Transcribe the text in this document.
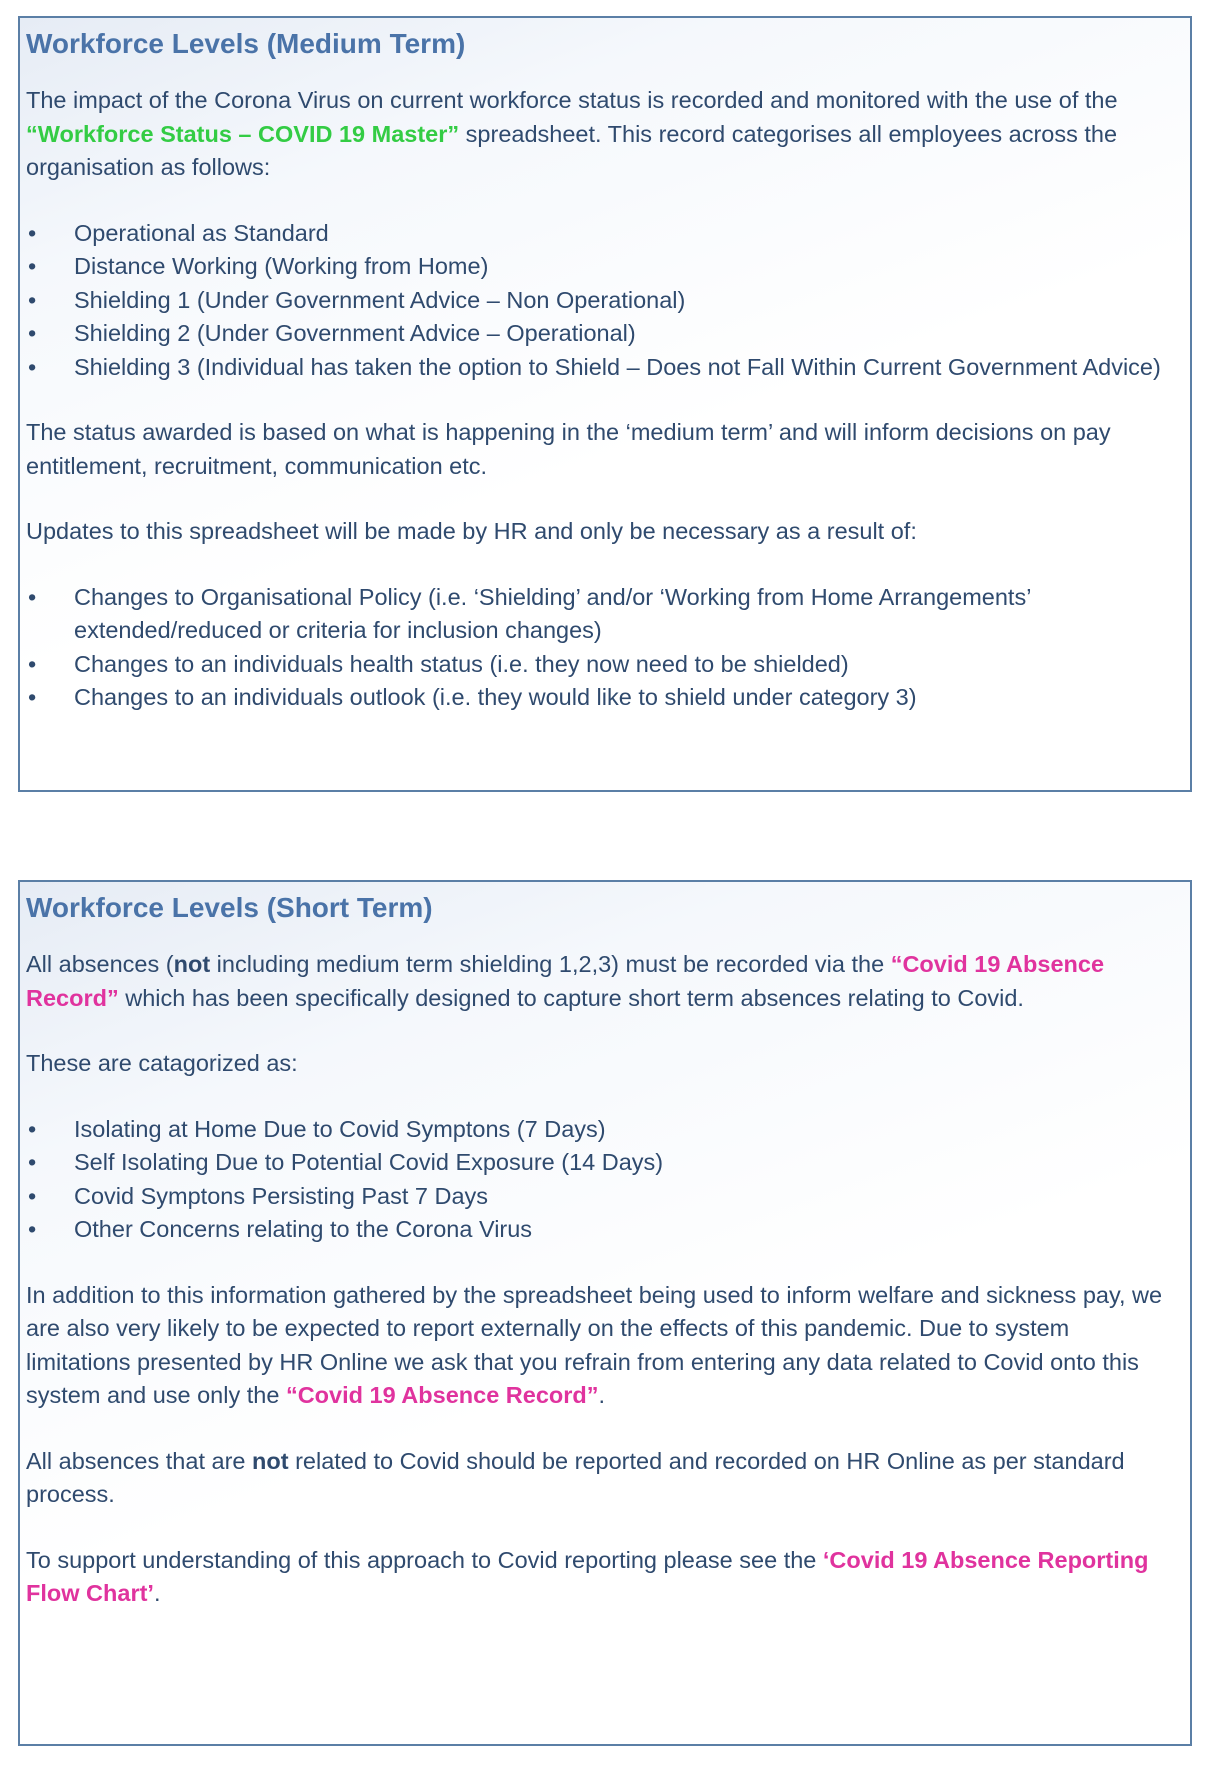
Workforce Levels (Medium Term)

The impact of the Corona Virus on current workforce status is recorded and monitored with the use of the “Workforce Status – COVID 19 Master” spreadsheet. This record categorises all employees across the organisation as follows:

• Operational as Standard
• Distance Working (Working from Home)
• Shielding 1 (Under Government Advice – Non Operational)
• Shielding 2 (Under Government Advice – Operational)
• Shielding 3 (Individual has taken the option to Shield – Does not Fall Within Current Government Advice)

The status awarded is based on what is happening in the ‘medium term’ and will inform decisions on pay entitlement, recruitment, communication etc.

Updates to this spreadsheet will be made by HR and only be necessary as a result of:

• Changes to Organisational Policy (i.e. ‘Shielding’ and/or ‘Working from Home Arrangements’ extended/reduced or criteria for inclusion changes)
• Changes to an individuals health status (i.e. they now need to be shielded)
• Changes to an individuals outlook (i.e. they would like to shield under category 3)
Workforce Levels (Short Term)

All absences (not including medium term shielding 1,2,3) must be recorded via the “Covid 19 Absence Record” which has been specifically designed to capture short term absences relating to Covid.

These are catagorized as:

• Isolating at Home Due to Covid Symptons (7 Days)
• Self Isolating Due to Potential Covid Exposure (14 Days)
• Covid Symptons Persisting Past 7 Days
• Other Concerns relating to the Corona Virus

In addition to this information gathered by the spreadsheet being used to inform welfare and sickness pay, we are also very likely to be expected to report externally on the effects of this pandemic. Due to system limitations presented by HR Online we ask that you refrain from entering any data related to Covid onto this system and use only the “Covid 19 Absence Record”.

All absences that are not related to Covid should be reported and recorded on HR Online as per standard process.

To support understanding of this approach to Covid reporting please see the ‘Covid 19 Absence Reporting Flow Chart’.
